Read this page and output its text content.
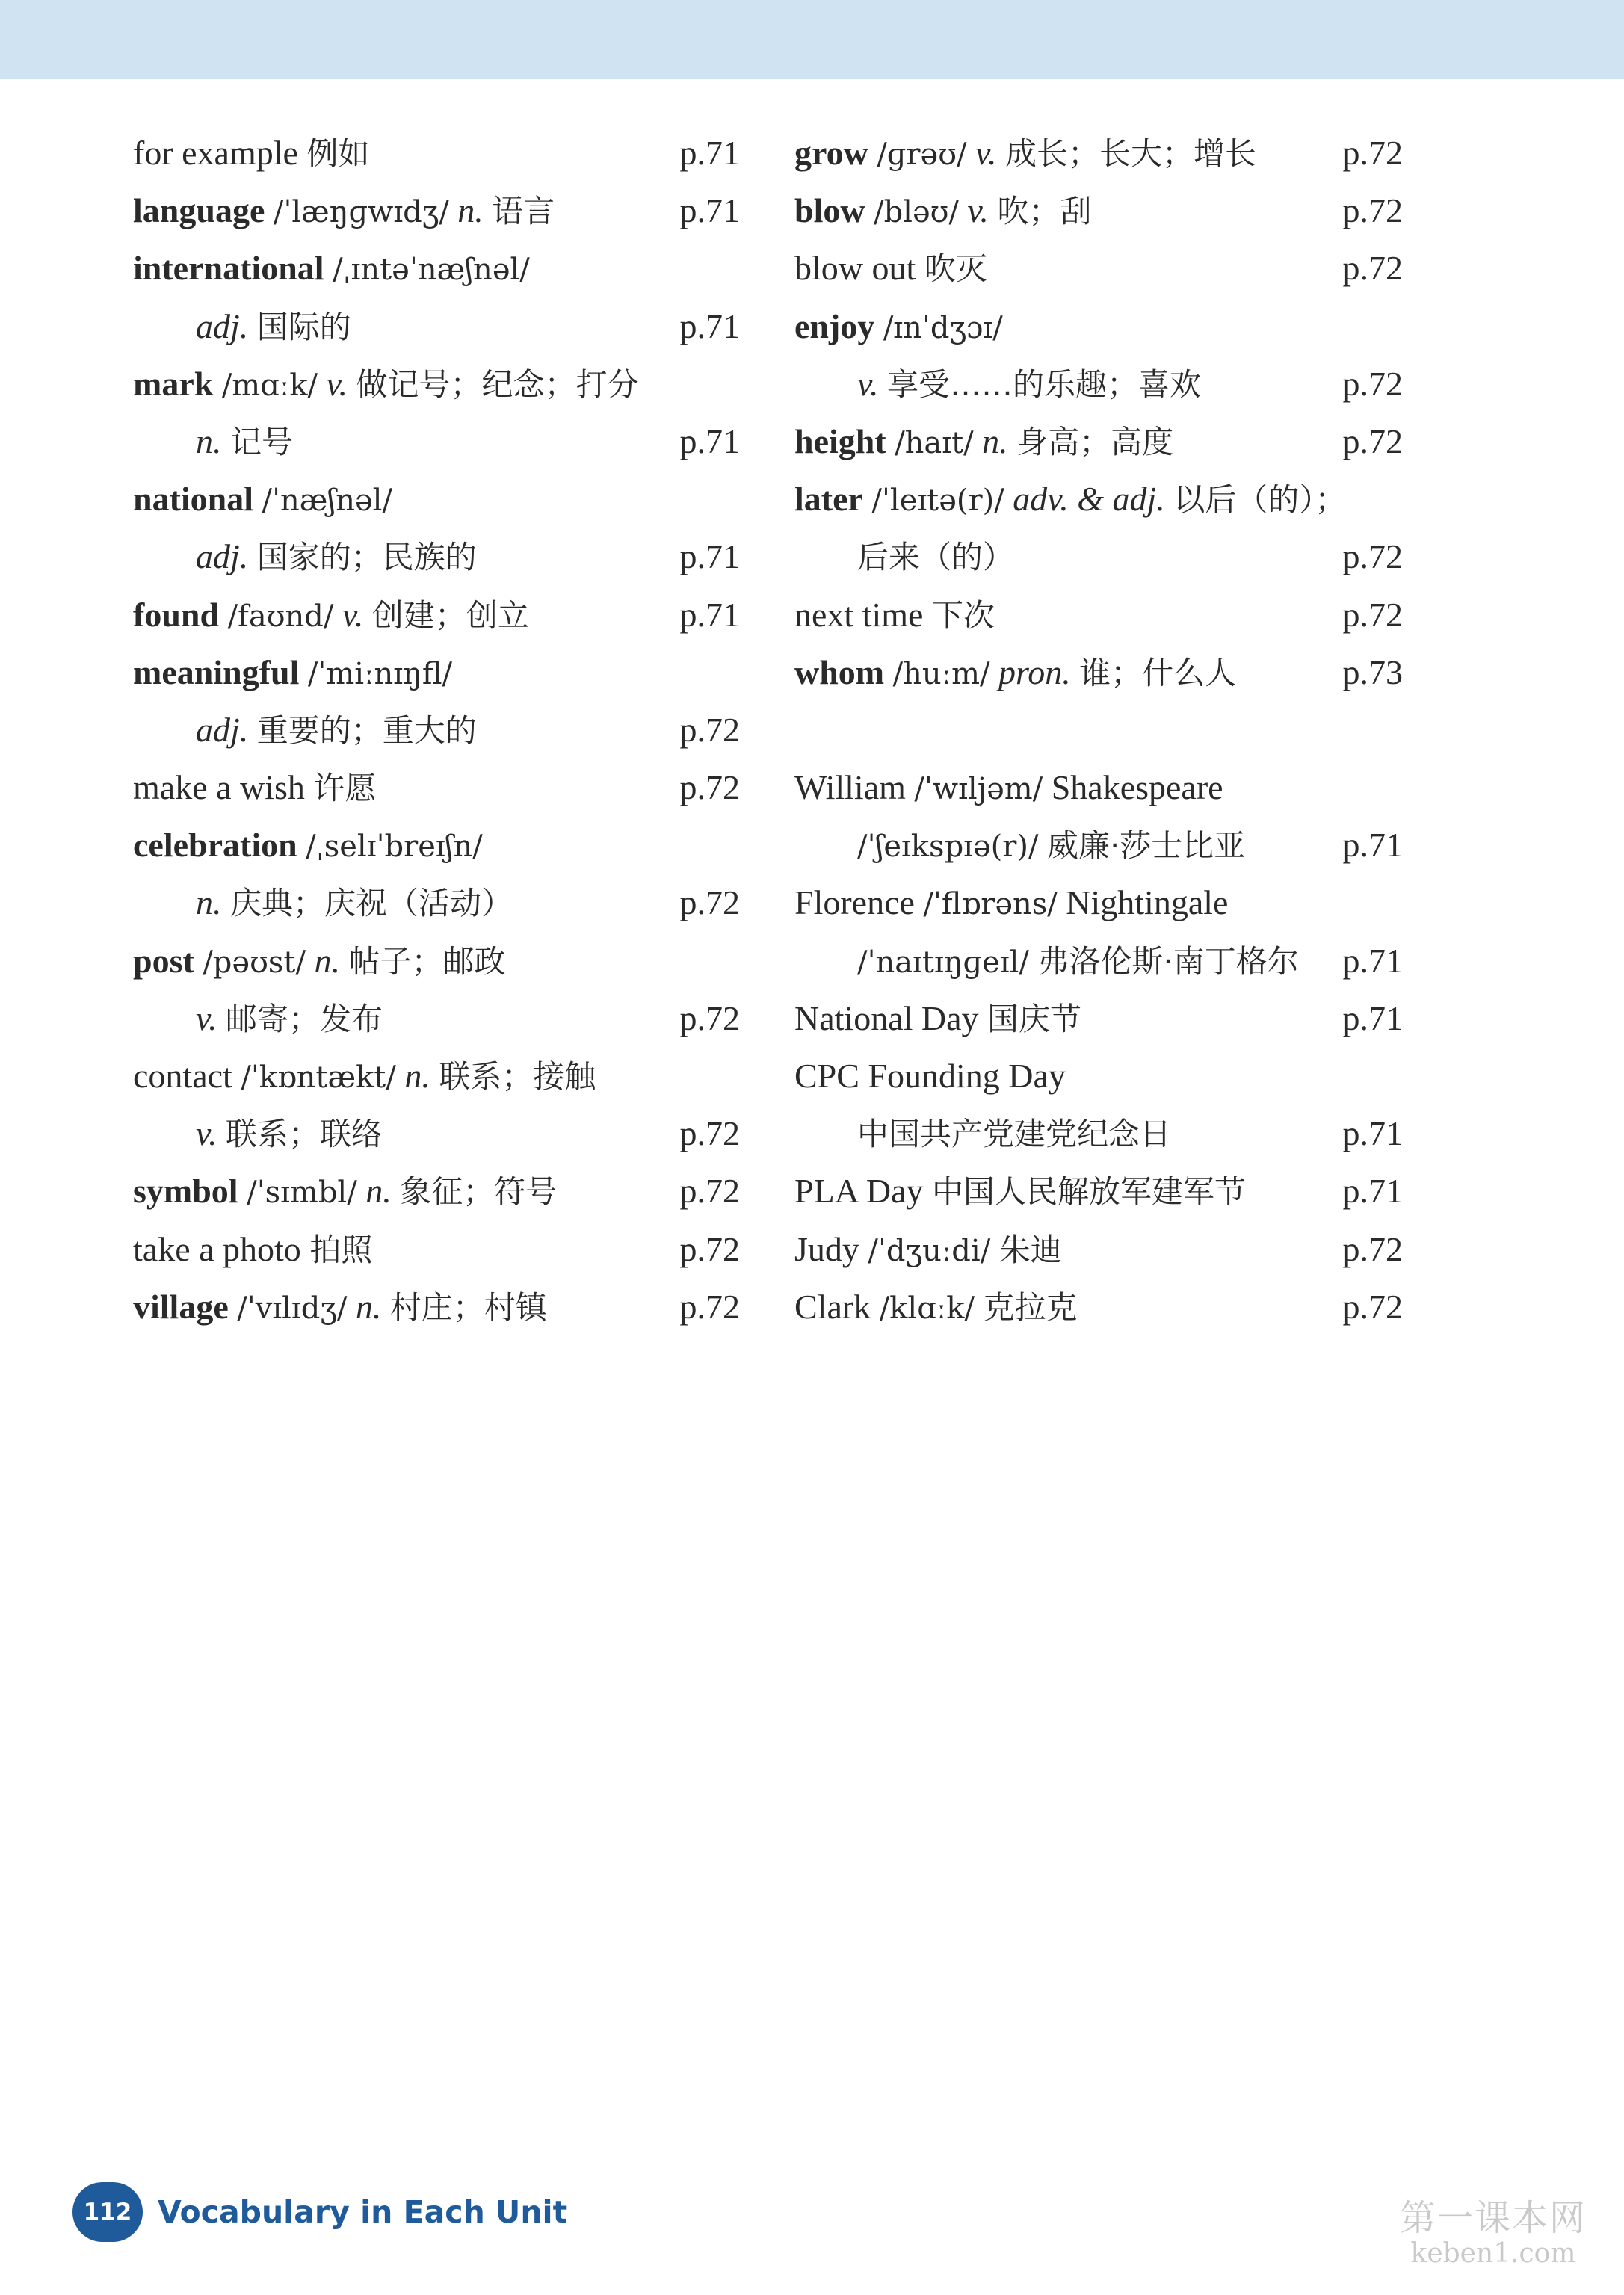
for example 例如	p.71
language /ˈlæŋɡwɪdʒ/ n. 语言	p.71
international /ˌɪntəˈnæʃnəl/
adj. 国际的	p.71
mark /mɑːk/ v. 做记号；纪念；打分
n. 记号	p.71
national /ˈnæʃnəl/
adj. 国家的；民族的	p.71
found /faʊnd/ v. 创建；创立	p.71
meaningful /ˈmiːnɪŋfl/
adj. 重要的；重大的	p.72
make a wish 许愿	p.72
celebration /ˌselɪˈbreɪʃn/
n. 庆典；庆祝（活动）	p.72
post /pəʊst/ n. 帖子；邮政
v. 邮寄；发布	p.72
contact /ˈkɒntækt/ n. 联系；接触
v. 联系；联络	p.72
symbol /ˈsɪmbl/ n. 象征；符号	p.72
take a photo 拍照	p.72
village /ˈvɪlɪdʒ/ n. 村庄；村镇	p.72
grow /ɡrəʊ/ v. 成长；长大；增长	p.72
blow /bləʊ/ v. 吹；刮	p.72
blow out 吹灭	p.72
enjoy /ɪnˈdʒɔɪ/
v. 享受……的乐趣；喜欢	p.72
height /haɪt/ n. 身高；高度	p.72
later /ˈleɪtə(r)/ adv. & adj. 以后（的）；
后来（的）	p.72
next time 下次	p.72
whom /huːm/ pron. 谁；什么人	p.73
William /ˈwɪljəm/ Shakespeare
/ˈʃeɪkspɪə(r)/ 威廉·莎士比亚	p.71
Florence /ˈflɒrəns/ Nightingale
/ˈnaɪtɪŋɡeɪl/ 弗洛伦斯·南丁格尔 p.71
National Day 国庆节	p.71
CPC Founding Day
中国共产党建党纪念日	p.71
PLA Day 中国人民解放军建军节	p.71
Judy /ˈdʒuːdi/ 朱迪	p.72
Clark /klɑːk/ 克拉克	p.72
112 Vocabulary in Each Unit	第一课本网
keben1.com
